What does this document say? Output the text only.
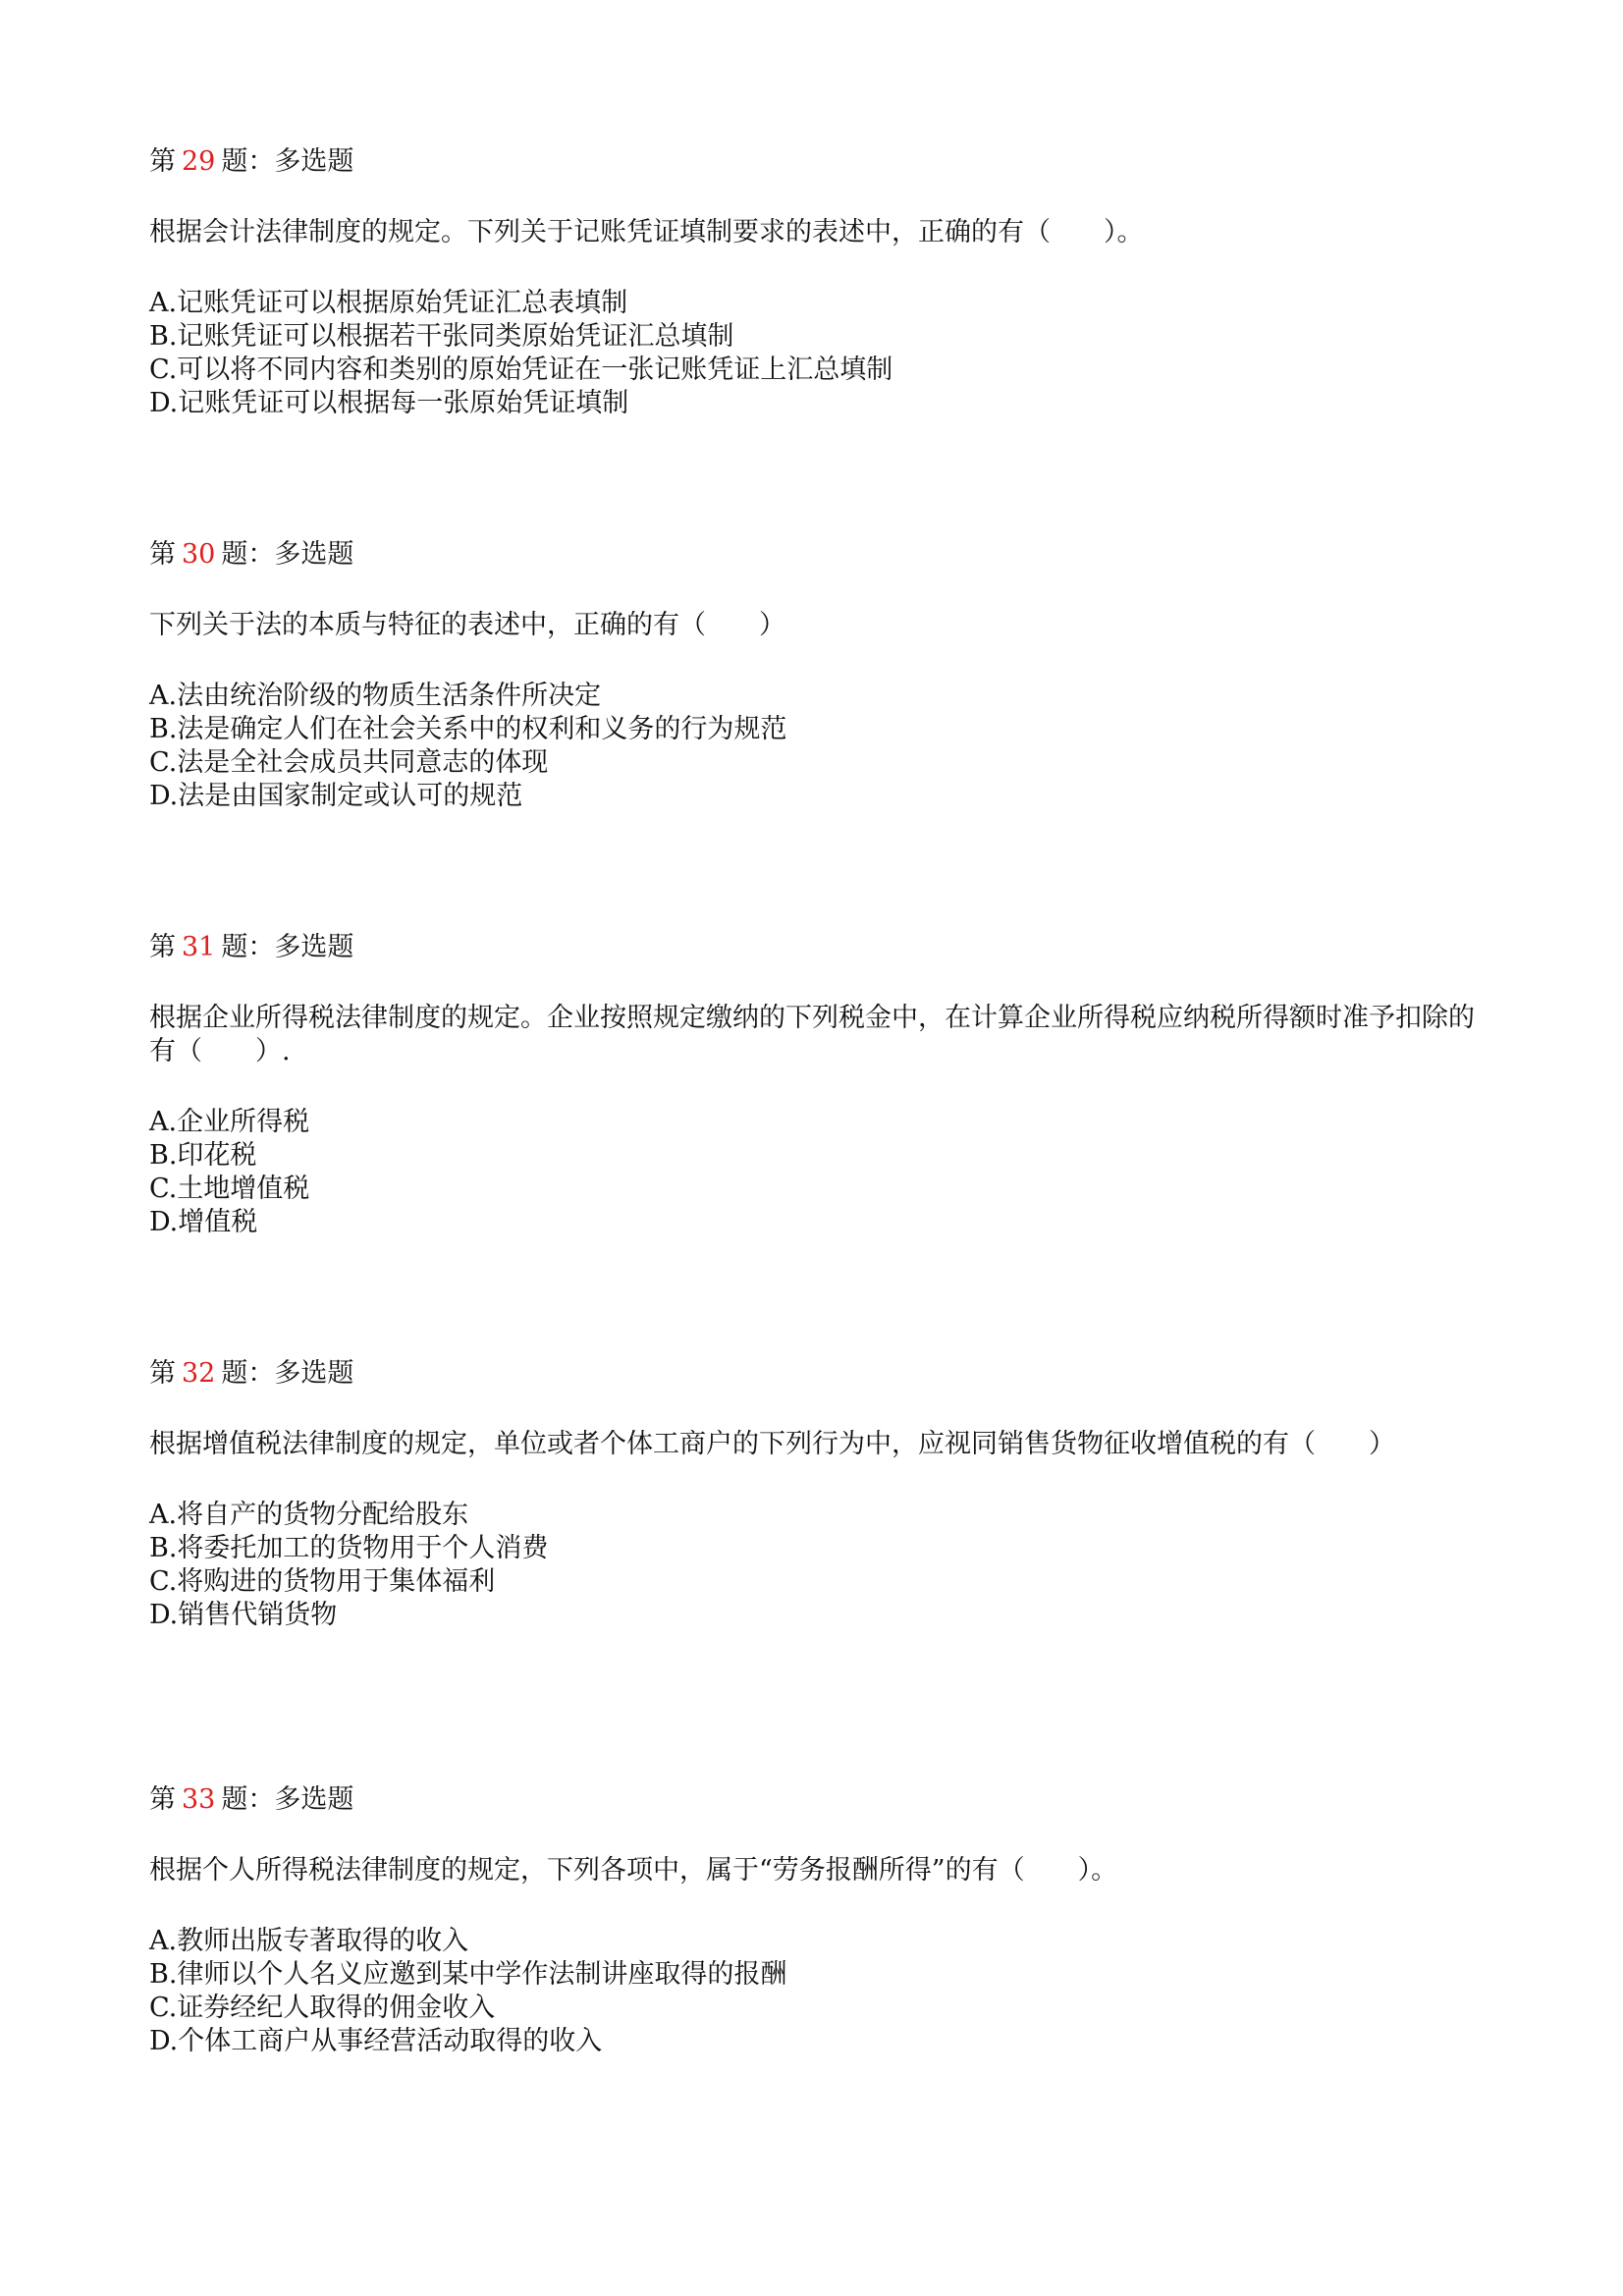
第 29 题：多选题
根据会计法律制度的规定。下列关于记账凭证填制要求的表述中，正确的有（　　）。
A.记账凭证可以根据原始凭证汇总表填制
B.记账凭证可以根据若干张同类原始凭证汇总填制
C.可以将不同内容和类别的原始凭证在一张记账凭证上汇总填制
D.记账凭证可以根据每一张原始凭证填制
第 30 题：多选题
下列关于法的本质与特征的表述中，正确的有（　　）
A.法由统治阶级的物质生活条件所决定
B.法是确定人们在社会关系中的权利和义务的行为规范
C.法是全社会成员共同意志的体现
D.法是由国家制定或认可的规范
第 31 题：多选题
根据企业所得税法律制度的规定。企业按照规定缴纳的下列税金中，在计算企业所得税应纳税所得额时准予扣除的有（　　）.
A.企业所得税
B.印花税
C.土地增值税
D.增值税
第 32 题：多选题
根据增值税法律制度的规定，单位或者个体工商户的下列行为中，应视同销售货物征收增值税的有（　　）
A.将自产的货物分配给股东
B.将委托加工的货物用于个人消费
C.将购进的货物用于集体福利
D.销售代销货物
第 33 题：多选题
根据个人所得税法律制度的规定，下列各项中，属于“劳务报酬所得”的有（　　）。
A.教师出版专著取得的收入
B.律师以个人名义应邀到某中学作法制讲座取得的报酬
C.证券经纪人取得的佣金收入
D.个体工商户从事经营活动取得的收入
